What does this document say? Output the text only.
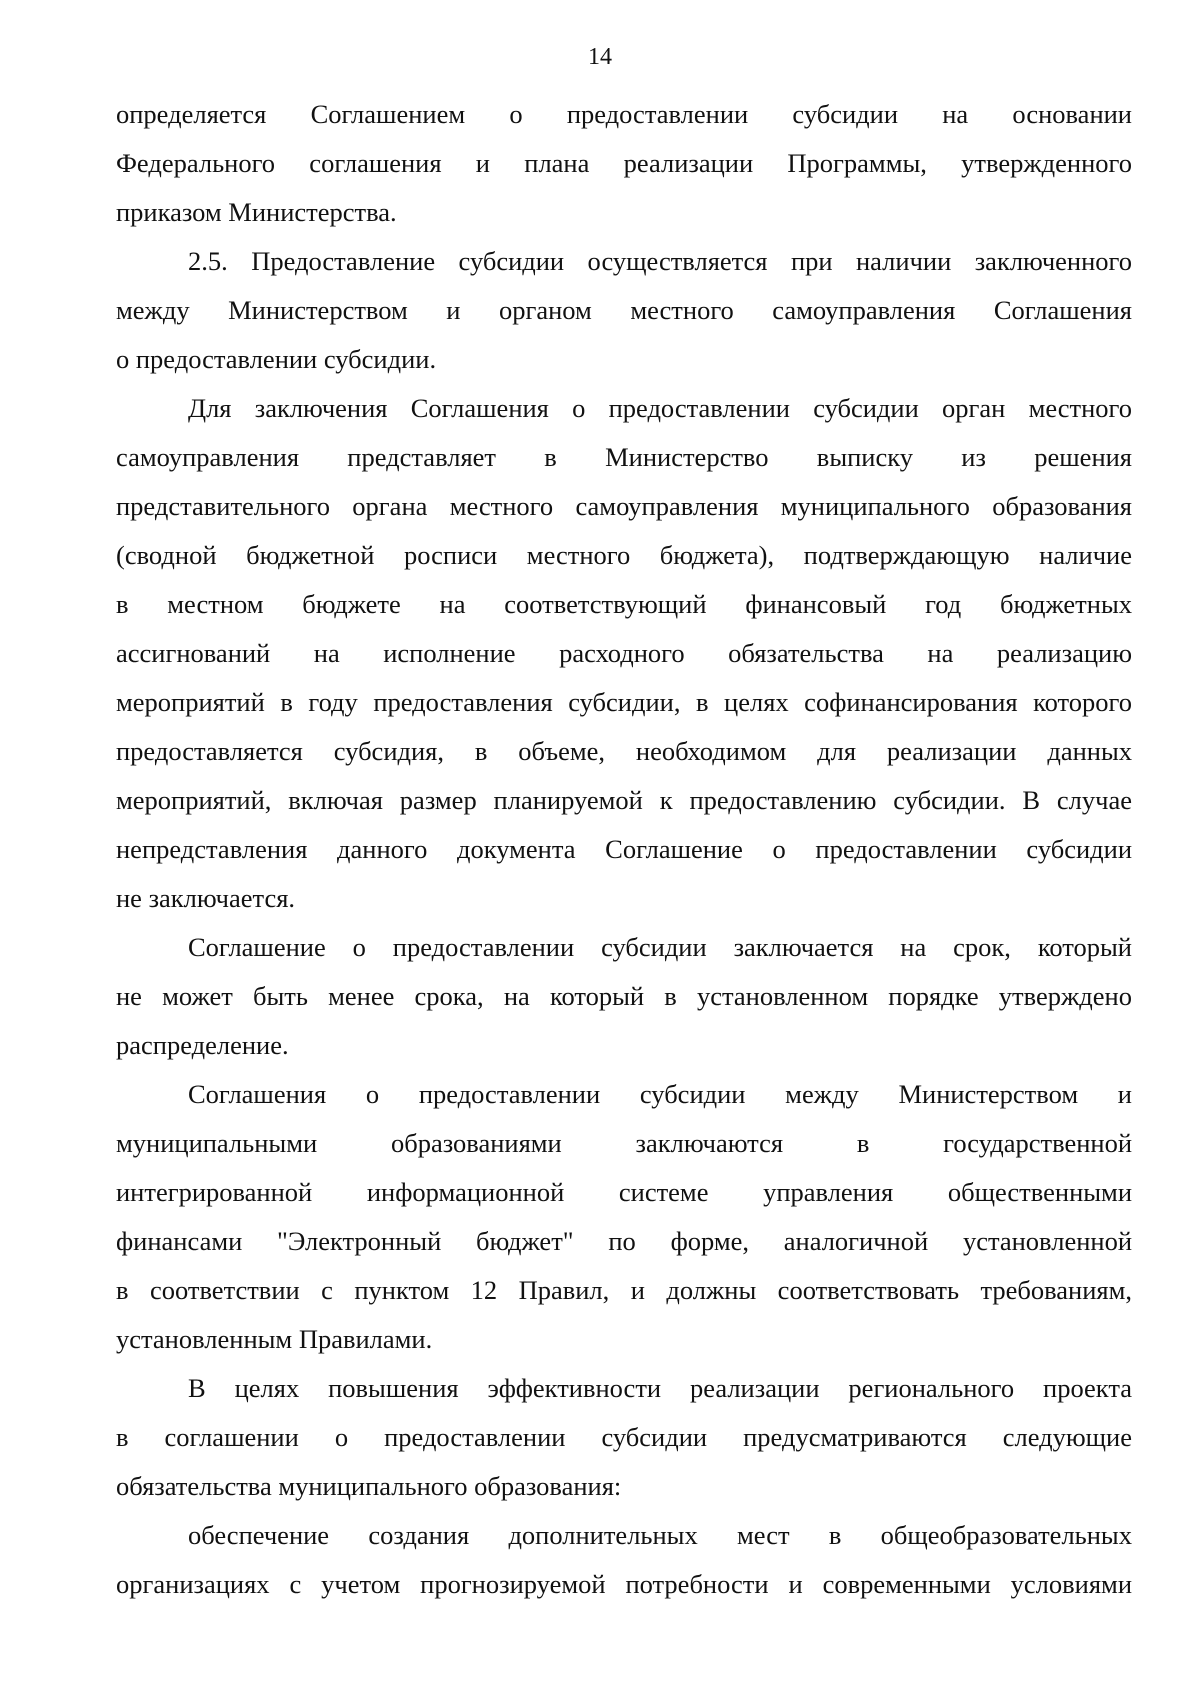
14
определяется Соглашением о предоставлении субсидии на основании
Федерального соглашения и плана реализации Программы, утвержденного
приказом Министерства.
2.5. Предоставление субсидии осуществляется при наличии заключенного
между Министерством и органом местного самоуправления Соглашения
о предоставлении субсидии.
Для заключения Соглашения о предоставлении субсидии орган местного
самоуправления представляет в Министерство выписку из решения
представительного органа местного самоуправления муниципального образования
(сводной бюджетной росписи местного бюджета), подтверждающую наличие
в местном бюджете на соответствующий финансовый год бюджетных
ассигнований на исполнение расходного обязательства на реализацию
мероприятий в году предоставления субсидии, в целях софинансирования которого
предоставляется субсидия, в объеме, необходимом для реализации данных
мероприятий, включая размер планируемой к предоставлению субсидии. В случае
непредставления данного документа Соглашение о предоставлении субсидии
не заключается.
Соглашение о предоставлении субсидии заключается на срок, который
не может быть менее срока, на который в установленном порядке утверждено
распределение.
Соглашения о предоставлении субсидии между Министерством и
муниципальными образованиями заключаются в государственной
интегрированной информационной системе управления общественными
финансами "Электронный бюджет" по форме, аналогичной установленной
в соответствии с пунктом 12 Правил, и должны соответствовать требованиям,
установленным Правилами.
В целях повышения эффективности реализации регионального проекта
в соглашении о предоставлении субсидии предусматриваются следующие
обязательства муниципального образования:
обеспечение создания дополнительных мест в общеобразовательных
организациях с учетом прогнозируемой потребности и современными условиями
